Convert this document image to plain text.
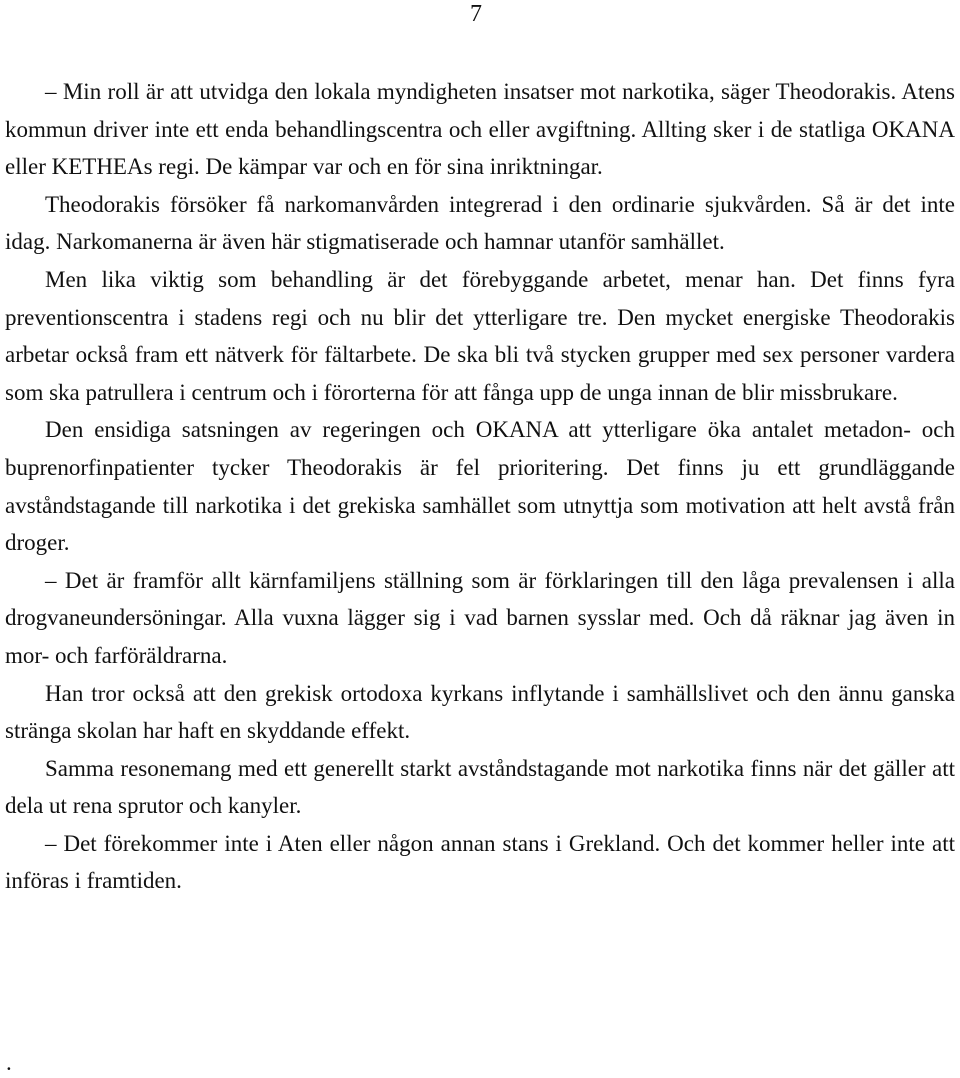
7

– Min roll är att utvidga den lokala myndigheten insatser mot narkotika, säger Theodorakis. Atens kommun driver inte ett enda behandlingscentra och eller avgiftning. Allting sker i de statliga OKANA eller KETHEAs regi. De kämpar var och en för sina inriktningar.

Theodorakis försöker få narkomanvården integrerad i den ordinarie sjukvården. Så är det inte idag. Narkomanerna är även här stigmatiserade och hamnar utanför samhället.

Men lika viktig som behandling är det förebyggande arbetet, menar han. Det finns fyra preventionscentra i stadens regi och nu blir det ytterligare tre. Den mycket energiske Theodorakis arbetar också fram ett nätverk för fältarbete. De ska bli två stycken grupper med sex personer vardera som ska patrullera i centrum och i förorterna för att fånga upp de unga innan de blir missbrukare.

Den ensidiga satsningen av regeringen och OKANA att ytterligare öka antalet metadon- och buprenorfinpatienter tycker Theodorakis är fel prioritering. Det finns ju ett grundläggande avståndstagande till narkotika i det grekiska samhället som utnyttja som motivation att helt avstå från droger.

– Det är framför allt kärnfamiljens ställning som är förklaringen till den låga prevalensen i alla drogvaneundersöningar. Alla vuxna lägger sig i vad barnen sysslar med. Och då räknar jag även in mor- och farföräldrarna.

Han tror också att den grekisk ortodoxa kyrkans inflytande i samhällslivet och den ännu ganska stränga skolan har haft en skyddande effekt.

Samma resonemang med ett generellt starkt avståndstagande mot narkotika finns när det gäller att dela ut rena sprutor och kanyler.

– Det förekommer inte i Aten eller någon annan stans i Grekland. Och det kommer heller inte att införas i framtiden.

.
